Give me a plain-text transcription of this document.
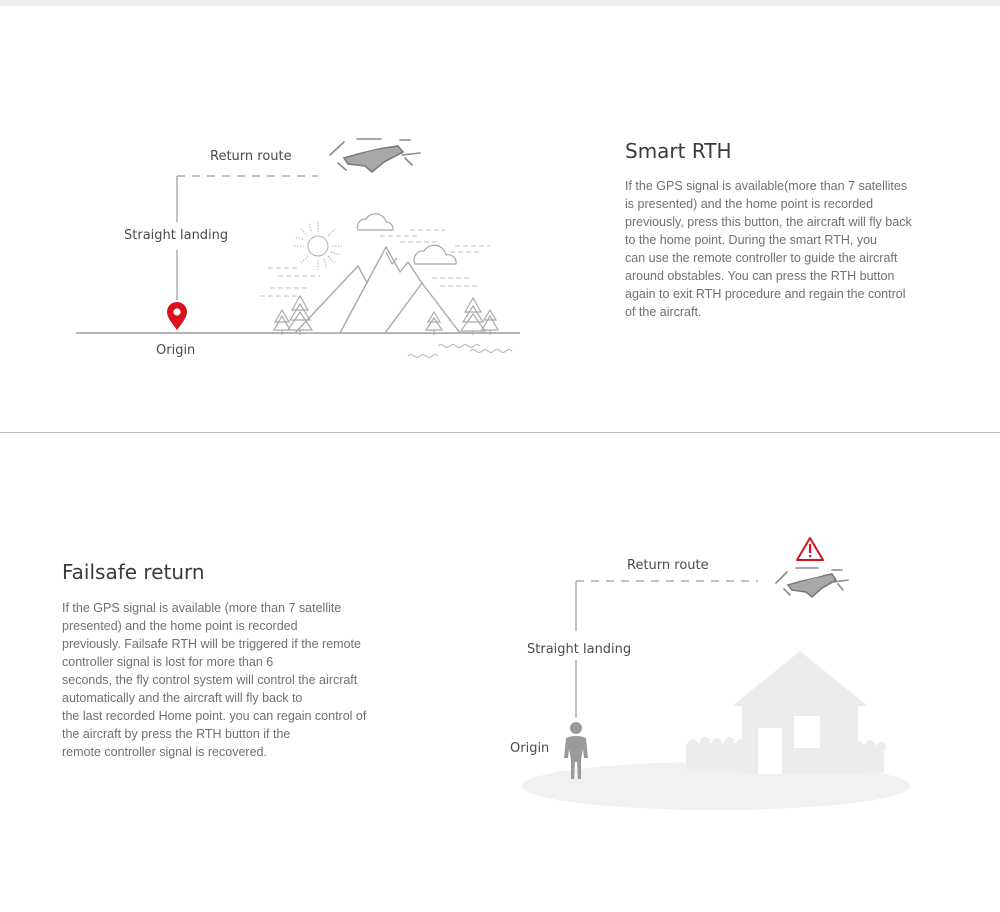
Return route
Straight landing
Origin
Smart RTH

If the GPS signal is available(more than 7 satellites
is presented) and the home point is recorded
previously, press this button, the aircraft will fly back
to the home point. During the smart RTH, you
can use the remote controller to guide the aircraft
around obstables. You can press the RTH button
again to exit RTH procedure and regain the control
of the aircraft.

Failsafe return

If the GPS signal is available (more than 7 satellite
presented) and the home point is recorded
previously. Failsafe RTH will be triggered if the remote
controller signal is lost for more than 6
seconds, the fly control system will control the aircraft
automatically and the aircraft will fly back to
the last recorded Home point. you can regain control of
the aircraft by press the RTH button if the
remote controller signal is recovered.

Return route
Straight landing
Origin
